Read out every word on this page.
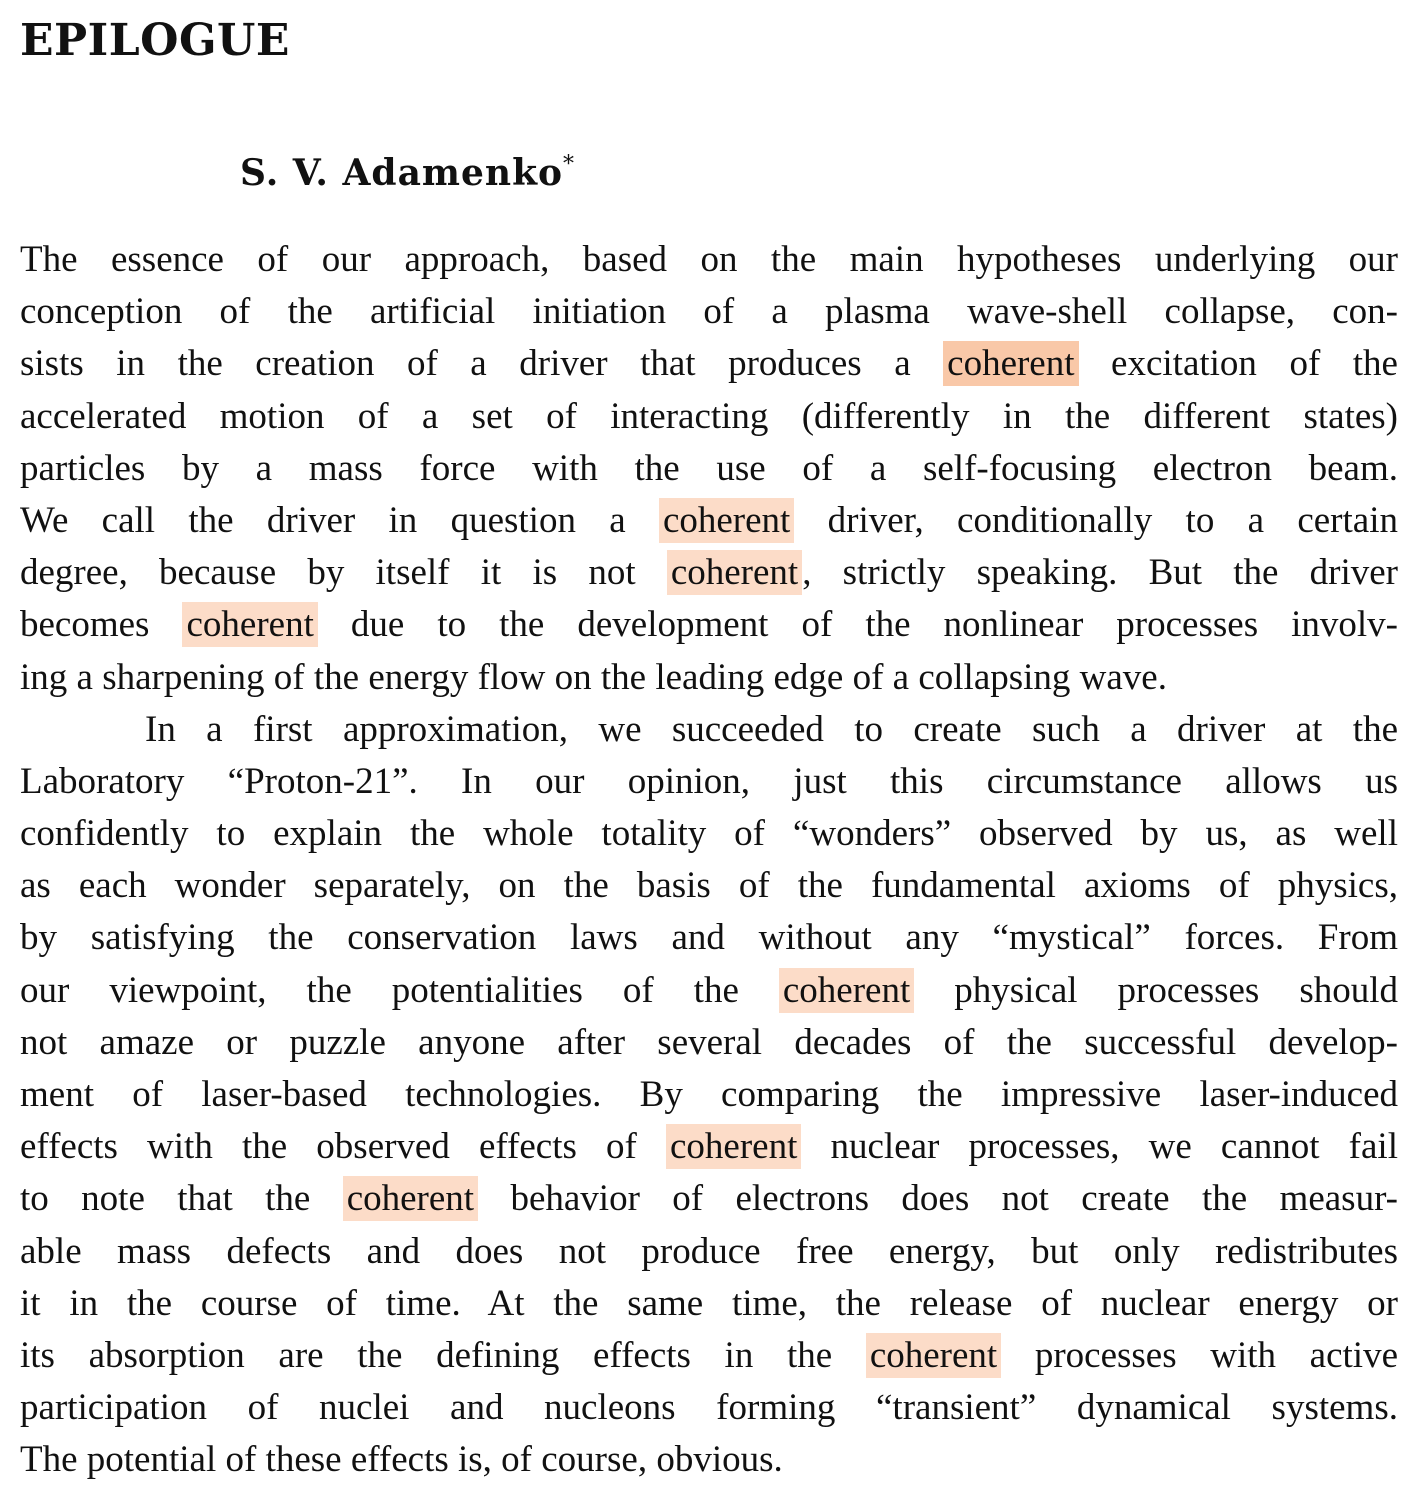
EPILOGUE
S. V. Adamenko*
The essence of our approach, based on the main hypotheses underlying our
conception of the artificial initiation of a plasma wave-shell collapse, con-
sists in the creation of a driver that produces a coherent excitation of the
accelerated motion of a set of interacting (differently in the different states)
particles by a mass force with the use of a self-focusing electron beam.
We call the driver in question a coherent driver, conditionally to a certain
degree, because by itself it is not coherent , strictly speaking. But the driver
becomes coherent due to the development of the nonlinear processes involv-
ing a sharpening of the energy flow on the leading edge of a collapsing wave.
In a first approximation, we succeeded to create such a driver at the
Laboratory “Proton-21”. In our opinion, just this circumstance allows us
confidently to explain the whole totality of “wonders” observed by us, as well
as each wonder separately, on the basis of the fundamental axioms of physics,
by satisfying the conservation laws and without any “mystical” forces. From
our viewpoint, the potentialities of the coherent physical processes should
not amaze or puzzle anyone after several decades of the successful develop-
ment of laser-based technologies. By comparing the impressive laser-induced
effects with the observed effects of coherent nuclear processes, we cannot fail
to note that the coherent behavior of electrons does not create the measur-
able mass defects and does not produce free energy, but only redistributes
it in the course of time. At the same time, the release of nuclear energy or
its absorption are the defining effects in the coherent processes with active
participation of nuclei and nucleons forming “transient” dynamical systems.
The potential of these effects is, of course, obvious.
